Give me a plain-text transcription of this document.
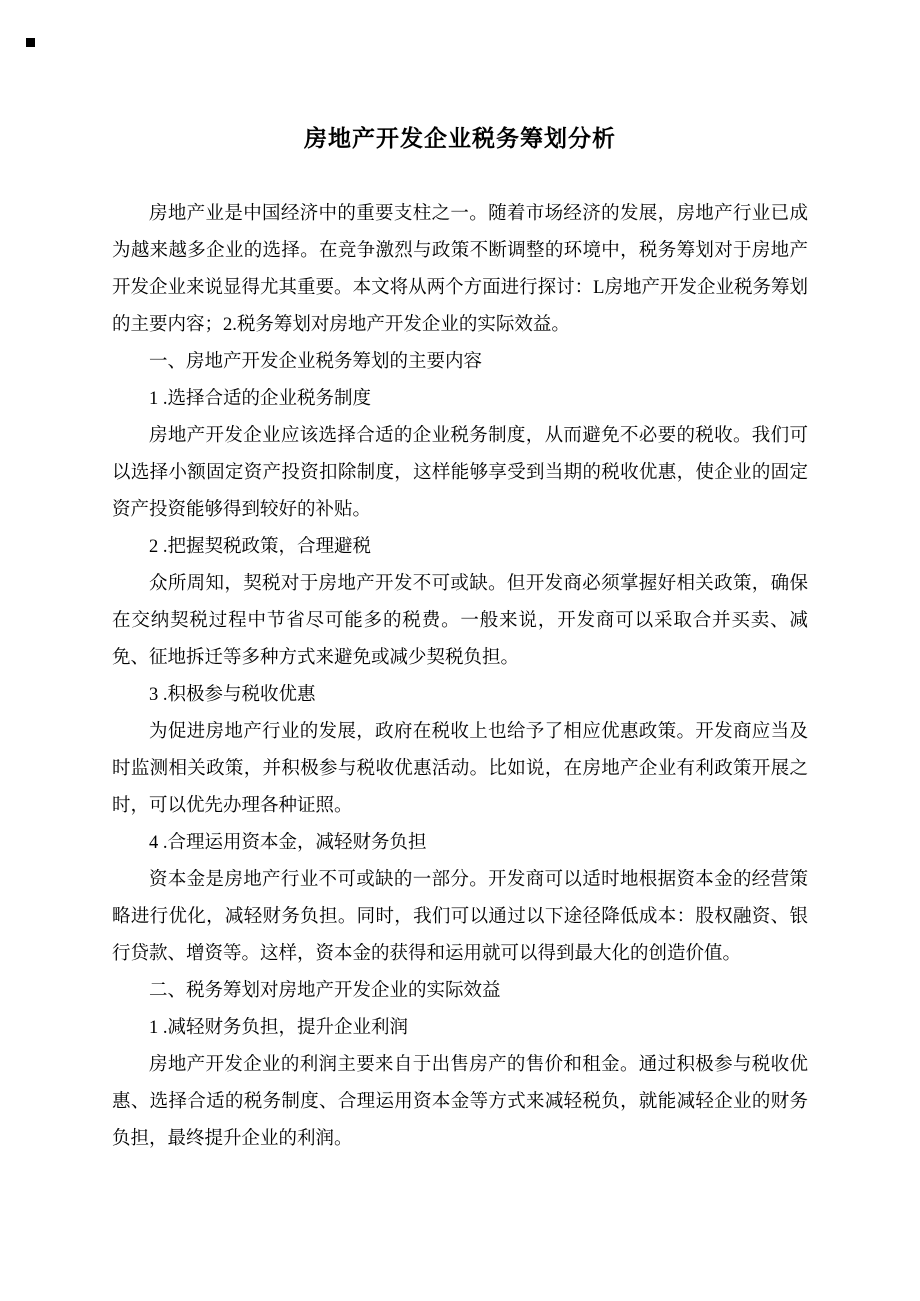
房地产开发企业税务筹划分析

房地产业是中国经济中的重要支柱之一。随着市场经济的发展，房地产行业已成为越来越多企业的选择。在竞争激烈与政策不断调整的环境中，税务筹划对于房地产开发企业来说显得尤其重要。本文将从两个方面进行探讨：L房地产开发企业税务筹划的主要内容；2.税务筹划对房地产开发企业的实际效益。

一、房地产开发企业税务筹划的主要内容

1 .选择合适的企业税务制度

房地产开发企业应该选择合适的企业税务制度，从而避免不必要的税收。我们可以选择小额固定资产投资扣除制度，这样能够享受到当期的税收优惠，使企业的固定资产投资能够得到较好的补贴。

2 .把握契税政策，合理避税

众所周知，契税对于房地产开发不可或缺。但开发商必须掌握好相关政策，确保在交纳契税过程中节省尽可能多的税费。一般来说，开发商可以采取合并买卖、减免、征地拆迁等多种方式来避免或减少契税负担。

3 .积极参与税收优惠

为促进房地产行业的发展，政府在税收上也给予了相应优惠政策。开发商应当及时监测相关政策，并积极参与税收优惠活动。比如说，在房地产企业有利政策开展之时，可以优先办理各种证照。

4 .合理运用资本金，减轻财务负担

资本金是房地产行业不可或缺的一部分。开发商可以适时地根据资本金的经营策略进行优化，减轻财务负担。同时，我们可以通过以下途径降低成本：股权融资、银行贷款、增资等。这样，资本金的获得和运用就可以得到最大化的创造价值。

二、税务筹划对房地产开发企业的实际效益

1 .减轻财务负担，提升企业利润

房地产开发企业的利润主要来自于出售房产的售价和租金。通过积极参与税收优惠、选择合适的税务制度、合理运用资本金等方式来减轻税负，就能减轻企业的财务负担，最终提升企业的利润。
